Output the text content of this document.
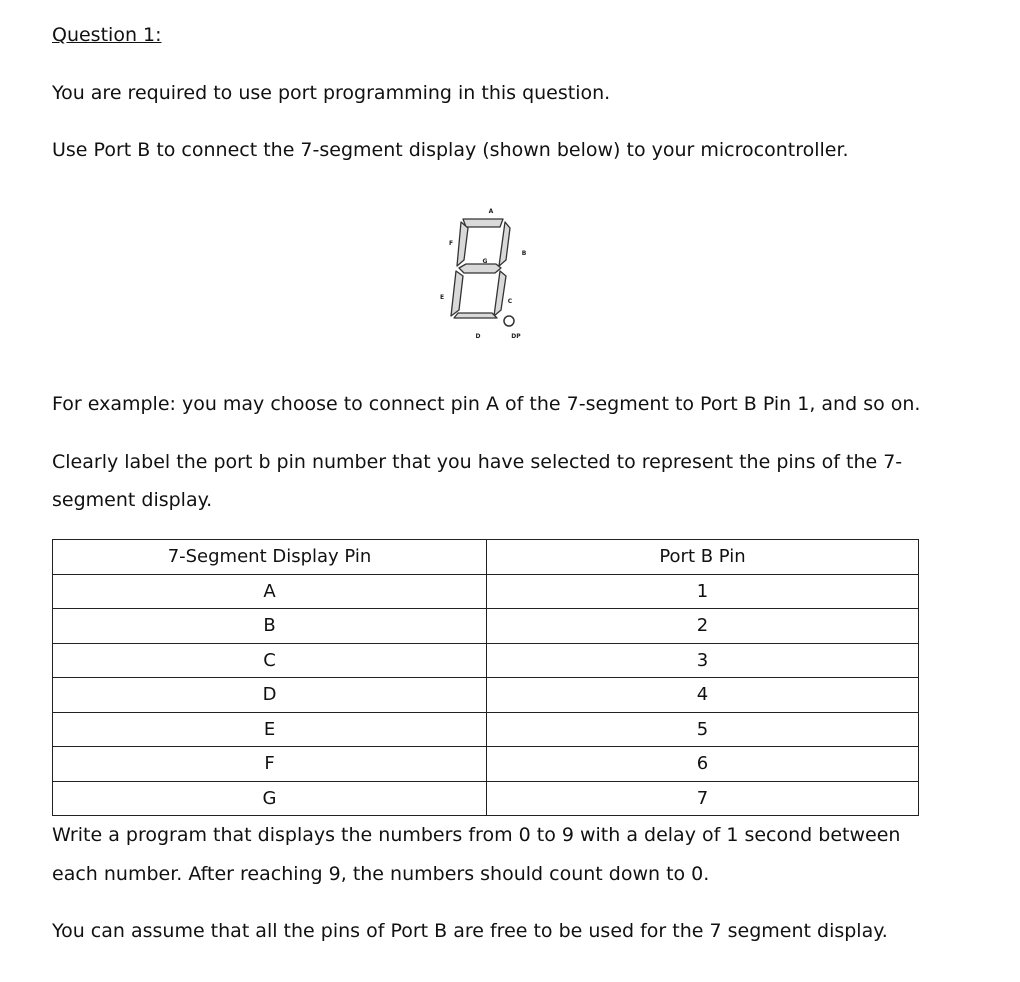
Question 1:
You are required to use port programming in this question.
Use Port B to connect the 7-segment display (shown below) to your microcontroller.
A
B
C
D
E
F
G
DP
For example: you may choose to connect pin A of the 7-segment to Port B Pin 1, and so on.
Clearly label the port b pin number that you have selected to represent the pins of the 7-
segment display.
7-Segment Display Pin	Port B Pin
A	1
B	2
C	3
D	4
E	5
F	6
G	7
Write a program that displays the numbers from 0 to 9 with a delay of 1 second between
each number. After reaching 9, the numbers should count down to 0.
You can assume that all the pins of Port B are free to be used for the 7 segment display.
